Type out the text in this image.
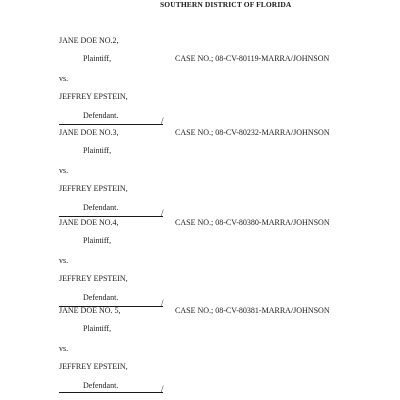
SOUTHERN DISTRICT OF FLORIDA
JANE DOE NO.2,
Plaintiff,	CASE NO.; 08-CV-80119-MARRA/JOHNSON
vs.
JEFFREY EPSTEIN,
Defendant.
/
JANE DOE NO.3,
Plaintiff,
CASE NO.; 08-CV-80232-MARRA/JOHNSON
vs.
JEFFREY EPSTEIN,
Defendant.
/
JANE DOE NO.4,
Plaintiff,
CASE NO.; 08-CV-80380-MARRA/JOHNSON
vs.
JEFFREY EPSTEIN,
Defendant.
/
JANE DOE NO. 5,
Plaintiff,
CASE NO.; 08-CV-80381-MARRA/JOHNSON
vs.
JEFFREY EPSTEIN,
Defendant.	/
